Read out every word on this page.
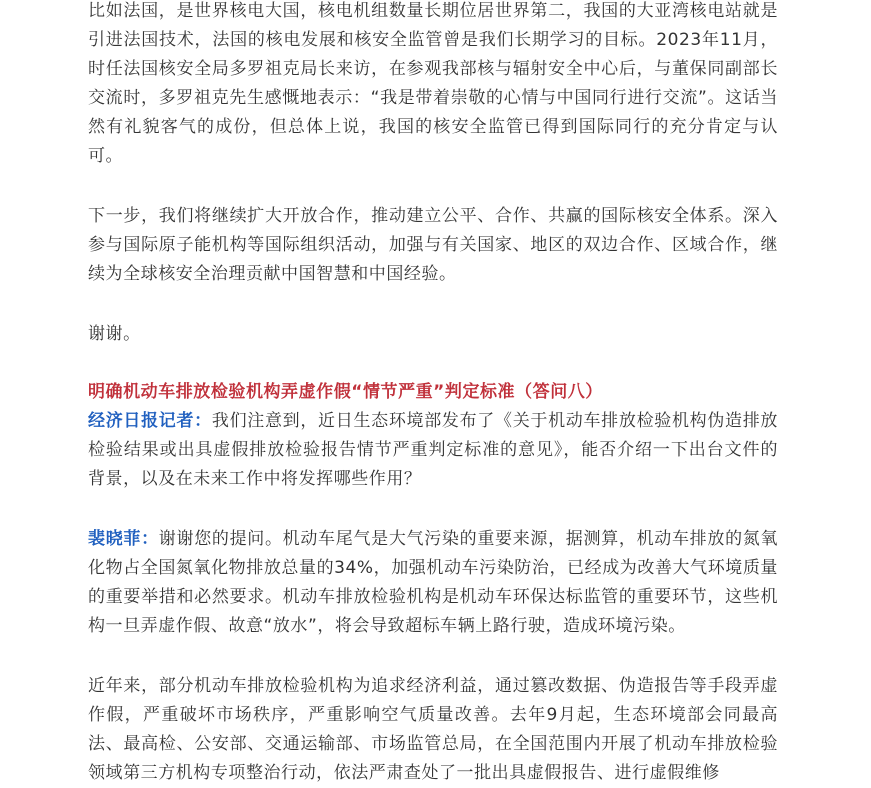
比如法国，是世界核电大国，核电机组数量长期位居世界第二，我国的大亚湾核电站就是引进法国技术，法国的核电发展和核安全监管曾是我们长期学习的目标。2023年11月，时任法国核安全局多罗祖克局长来访，在参观我部核与辐射安全中心后，与董保同副部长交流时，多罗祖克先生感慨地表示：“我是带着崇敬的心情与中国同行进行交流”。这话当然有礼貌客气的成份，但总体上说，我国的核安全监管已得到国际同行的充分肯定与认可。

下一步，我们将继续扩大开放合作，推动建立公平、合作、共赢的国际核安全体系。深入参与国际原子能机构等国际组织活动，加强与有关国家、地区的双边合作、区域合作，继续为全球核安全治理贡献中国智慧和中国经验。

谢谢。

明确机动车排放检验机构弄虚作假“情节严重”判定标准（答问八）

经济日报记者：我们注意到，近日生态环境部发布了《关于机动车排放检验机构伪造排放检验结果或出具虚假排放检验报告情节严重判定标准的意见》，能否介绍一下出台文件的背景，以及在未来工作中将发挥哪些作用？

裴晓菲：谢谢您的提问。机动车尾气是大气污染的重要来源，据测算，机动车排放的氮氧化物占全国氮氧化物排放总量的34%，加强机动车污染防治，已经成为改善大气环境质量的重要举措和必然要求。机动车排放检验机构是机动车环保达标监管的重要环节，这些机构一旦弄虚作假、故意“放水”，将会导致超标车辆上路行驶，造成环境污染。

近年来，部分机动车排放检验机构为追求经济利益，通过篡改数据、伪造报告等手段弄虚作假，严重破坏市场秩序，严重影响空气质量改善。去年9月起，生态环境部会同最高法、最高检、公安部、交通运输部、市场监管总局，在全国范围内开展了机动车排放检验领域第三方机构专项整治行动，依法严肃查处了一批出具虚假报告、进行虚假维修
